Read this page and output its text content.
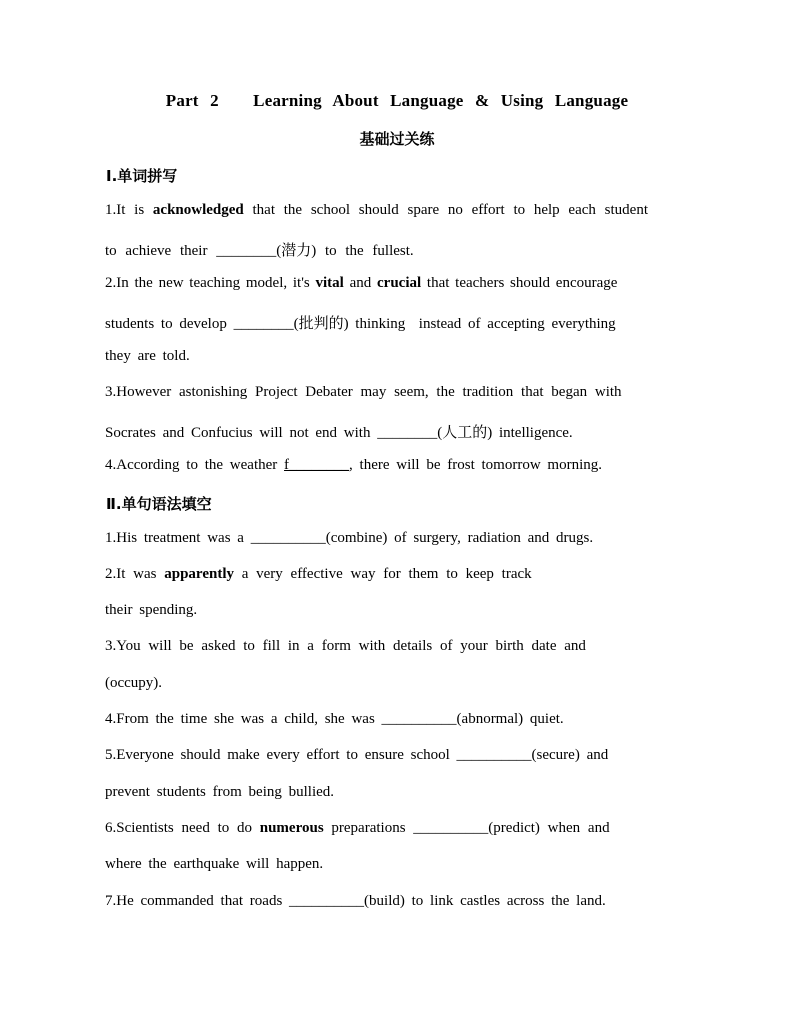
Part 2   Learning About Language & Using Language
基础过关练
Ⅰ.单词拼写
1.It is acknowledged that the school should spare no effort to help each student
to achieve their ________(潜力) to the fullest.
2.In the new teaching model, it's vital and crucial that teachers should encourage
students to develop ________(批判的) thinking  instead of accepting everything
they are told.
3.However astonishing Project Debater may seem, the tradition that began with
Socrates and Confucius will not end with ________(人工的) intelligence.
4.According to the weather f________, there will be frost tomorrow morning.
Ⅱ.单句语法填空
1.His treatment was a __________(combine) of surgery, radiation and drugs.
2.It was apparently a very effective way for them to keep track
their spending.
3.You will be asked to fill in a form with details of your birth date and
(occupy).
4.From the time she was a child, she was __________(abnormal) quiet.
5.Everyone should make every effort to ensure school __________(secure) and
prevent students from being bullied.
6.Scientists need to do numerous preparations __________(predict) when and
where the earthquake will happen.
7.He commanded that roads __________(build) to link castles across the land.
